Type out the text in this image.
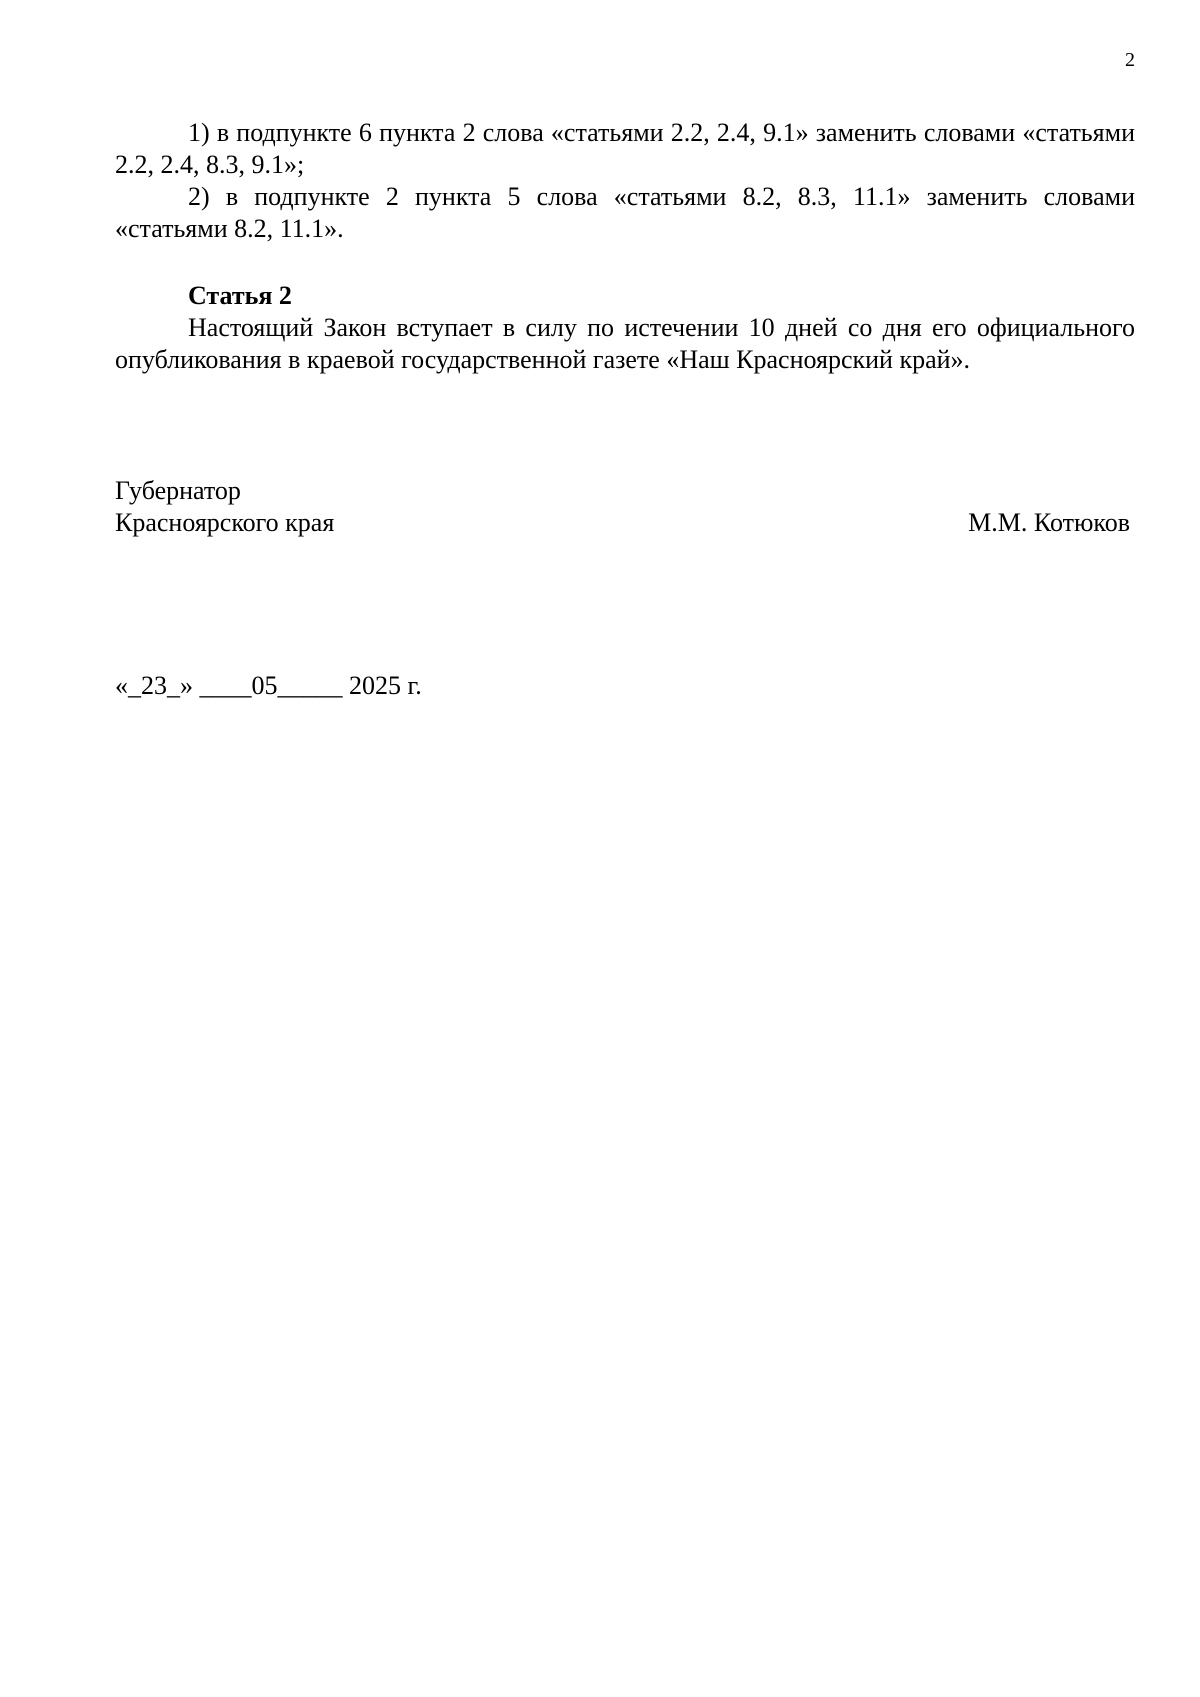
2

1) в подпункте 6 пункта 2 слова «статьями 2.2, 2.4, 9.1» заменить словами «статьями 2.2, 2.4, 8.3, 9.1»;

2) в подпункте 2 пункта 5 слова «статьями 8.2, 8.3, 11.1» заменить словами «статьями 8.2, 11.1».

Статья 2

Настоящий Закон вступает в силу по истечении 10 дней со дня его официального опубликования в краевой государственной газете «Наш Красноярский край».

Губернатор
Красноярского края	М.М. Котюков
«_23_» ____05_____ 2025 г.
